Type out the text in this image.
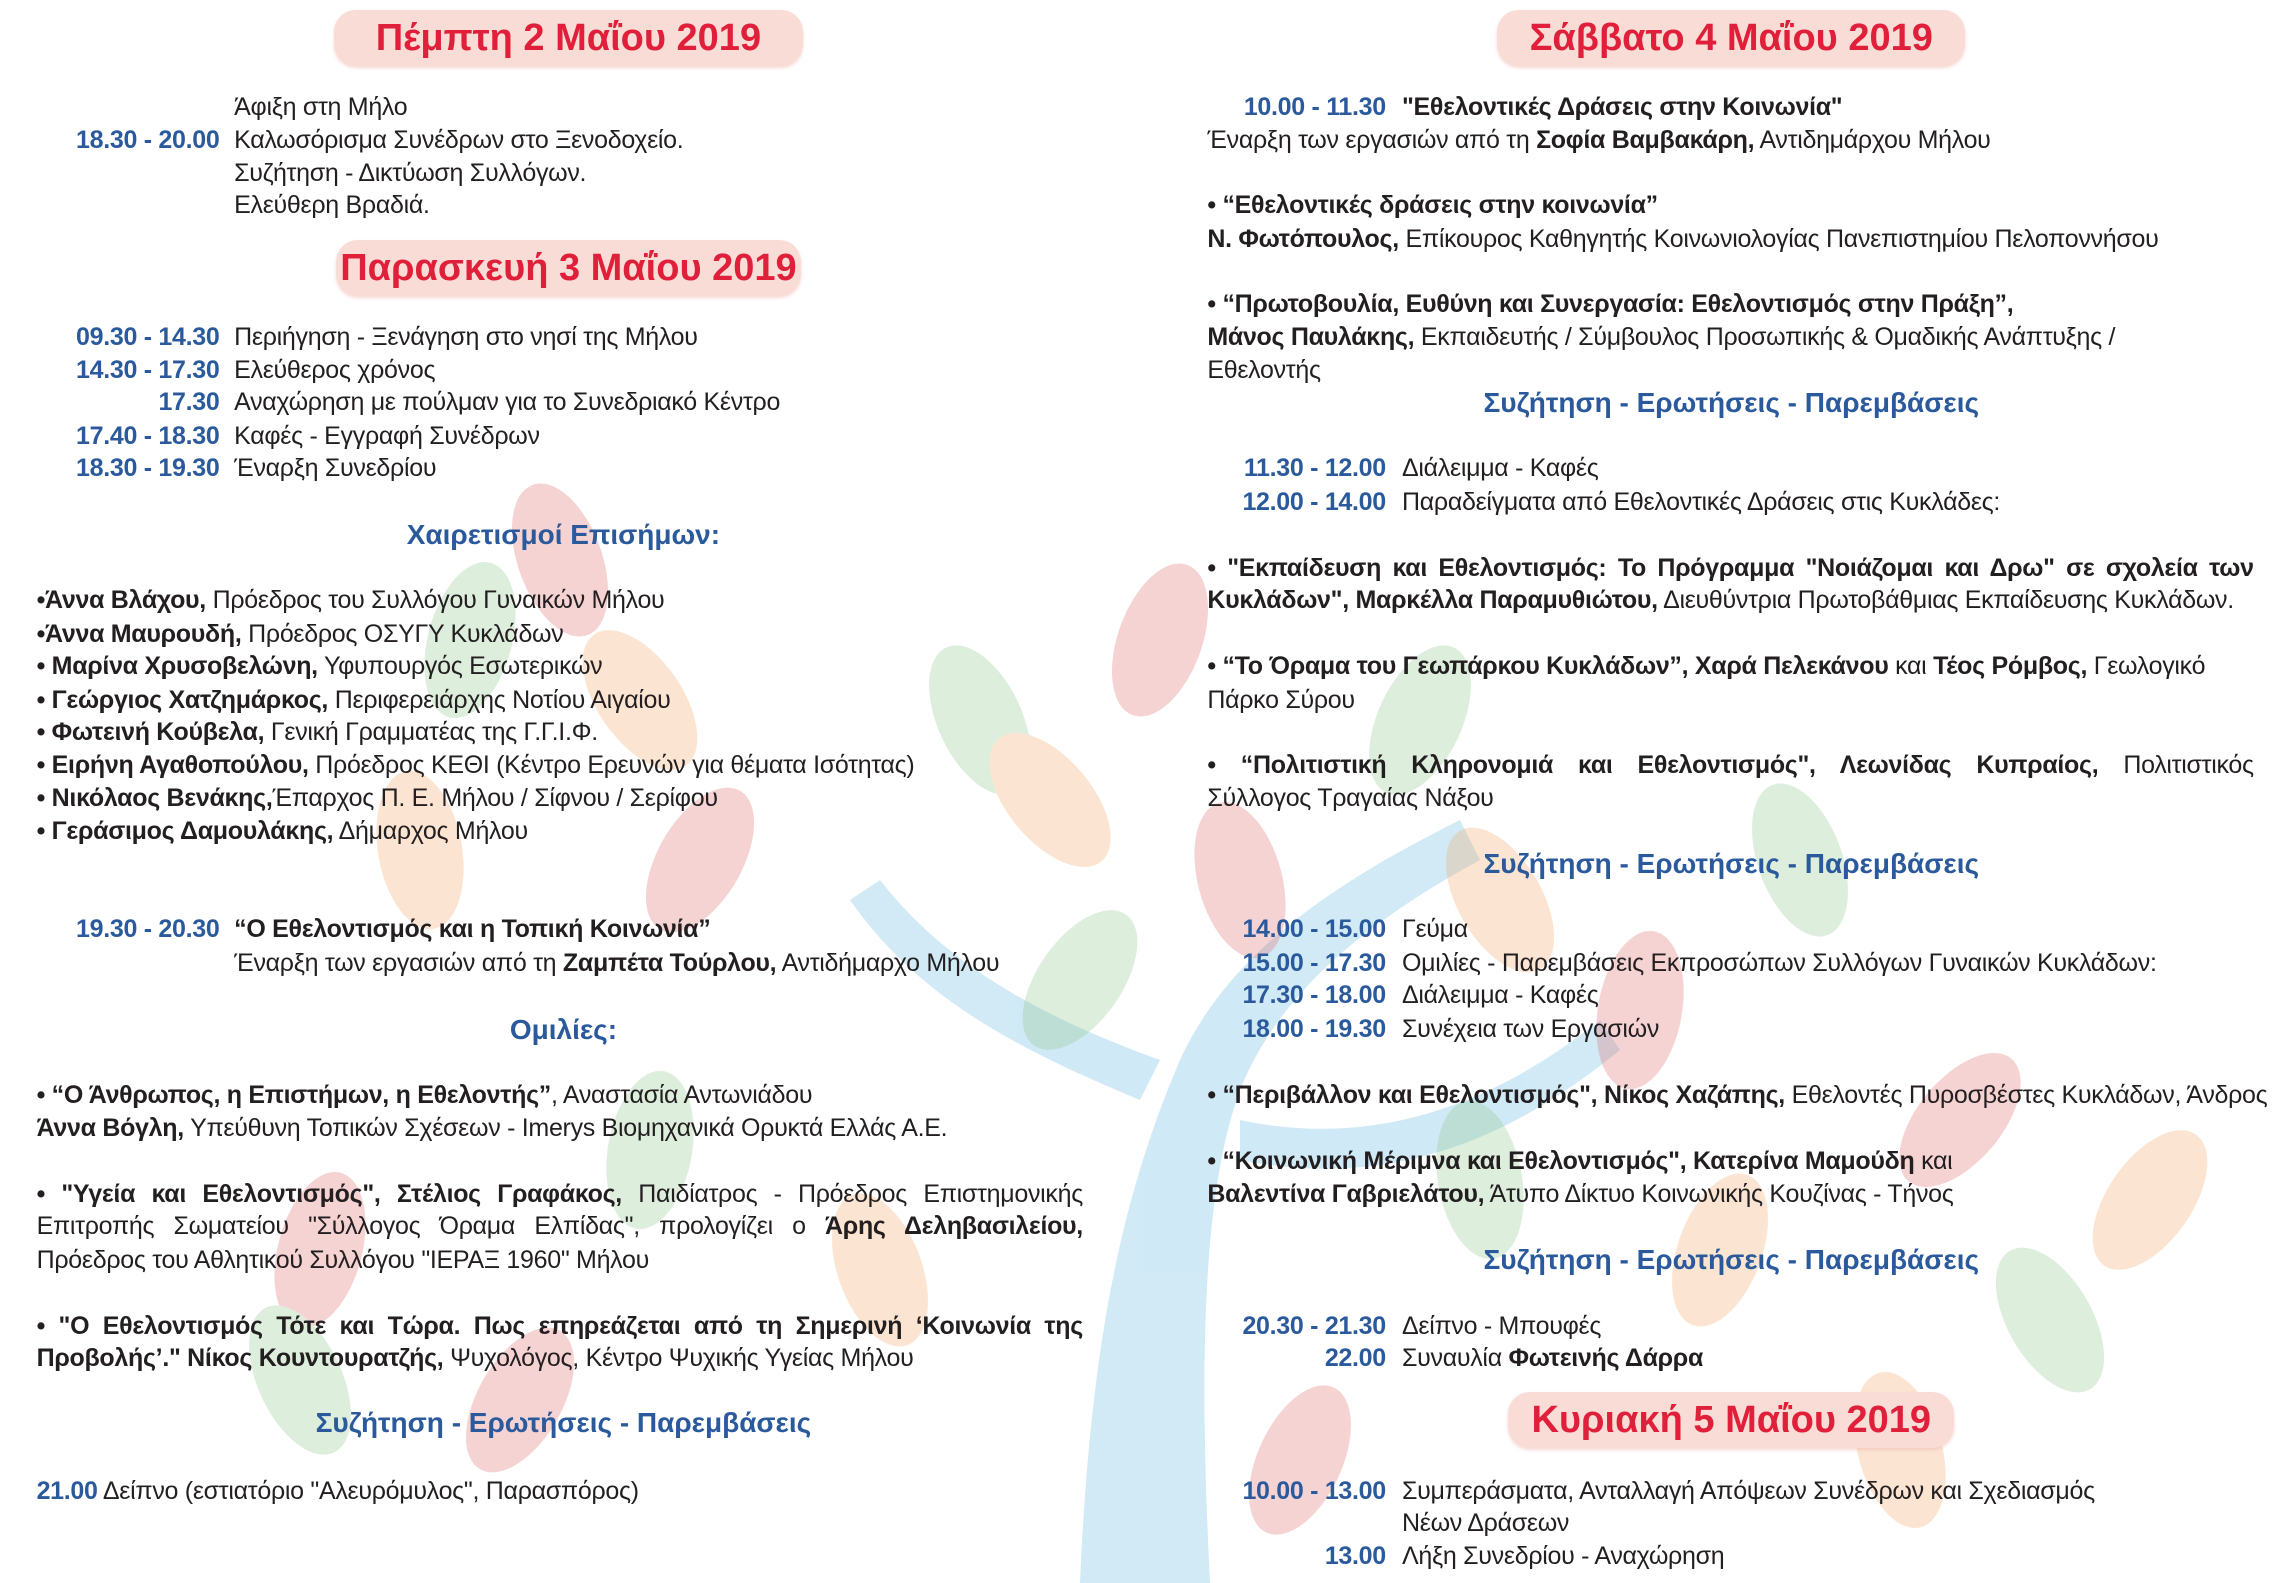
Πέμπτη 2 Μαΐου 2019
Άφιξη στη Μήλο
18.30 - 20.00 Καλωσόρισμα Συνέδρων στο Ξενοδοχείο.
Συζήτηση - Δικτύωση Συλλόγων.
Ελεύθερη Βραδιά.
Παρασκευή 3 Μαΐου 2019
09.30 - 14.30 Περιήγηση - Ξενάγηση στο νησί της Μήλου
14.30 - 17.30 Ελεύθερος χρόνος
17.30 Αναχώρηση με πούλμαν για το Συνεδριακό Κέντρο
17.40 - 18.30 Καφές - Εγγραφή Συνέδρων
18.30 - 19.30 Έναρξη Συνεδρίου
Χαιρετισμοί Επισήμων:
•Άννα Βλάχου, Πρόεδρος του Συλλόγου Γυναικών Μήλου
•Άννα Μαυρουδή, Πρόεδρος ΟΣΥΓΥ Κυκλάδων
• Μαρίνα Χρυσοβελώνη, Υφυπουργός Εσωτερικών
• Γεώργιος Χατζημάρκος, Περιφερειάρχης Νοτίου Αιγαίου
• Φωτεινή Κούβελα, Γενική Γραμματέας της Γ.Γ.Ι.Φ.
• Ειρήνη Αγαθοπούλου, Πρόεδρος ΚΕΘΙ (Κέντρο Ερευνών για θέματα Ισότητας)
• Νικόλαος Βενάκης,Έπαρχος Π. Ε. Μήλου / Σίφνου / Σερίφου
• Γεράσιμος Δαμουλάκης, Δήμαρχος Μήλου
19.30 - 20.30 “Ο Εθελοντισμός και η Τοπική Κοινωνία”
Έναρξη των εργασιών από τη Ζαμπέτα Τούρλου, Αντιδήμαρχο Μήλου
Ομιλίες:
• “Ο Άνθρωπος, η Επιστήμων, η Εθελοντής”, Αναστασία Αντωνιάδου
Άννα Βόγλη, Υπεύθυνη Τοπικών Σχέσεων - Imerys Βιομηχανικά Ορυκτά Ελλάς Α.Ε.
• "Υγεία και Εθελοντισμός", Στέλιος Γραφάκος, Παιδίατρος - Πρόεδρος Επιστημονικής
Επιτροπής Σωματείου "Σύλλογος Όραμα Ελπίδας", προλογίζει ο Άρης Δεληβασιλείου,
Πρόεδρος του Αθλητικού Συλλόγου "ΙΕΡΑΞ 1960" Μήλου
• "Ο Εθελοντισμός Τότε και Τώρα. Πως επηρεάζεται από τη Σημερινή ‘Κοινωνία της
Προβολής’." Νίκος Κουντουρατζής, Ψυχολόγος, Κέντρο Ψυχικής Υγείας Μήλου
Συζήτηση - Ερωτήσεις - Παρεμβάσεις
21.00 Δείπνο (εστιατόριο "Αλευρόμυλος", Παρασπόρος)
Σάββατο 4 Μαΐου 2019
10.00 - 11.30 "Εθελοντικές Δράσεις στην Κοινωνία"
Έναρξη των εργασιών από τη Σοφία Βαμβακάρη, Αντιδημάρχου Μήλου
• “Εθελοντικές δράσεις στην κοινωνία”
Ν. Φωτόπουλος, Επίκουρος Καθηγητής Κοινωνιολογίας Πανεπιστημίου Πελοποννήσου
• “Πρωτοβουλία, Ευθύνη και Συνεργασία: Εθελοντισμός στην Πράξη”,
Μάνος Παυλάκης, Εκπαιδευτής / Σύμβουλος Προσωπικής & Ομαδικής Ανάπτυξης /
Εθελοντής
Συζήτηση - Ερωτήσεις - Παρεμβάσεις
11.30 - 12.00 Διάλειμμα - Καφές
12.00 - 14.00 Παραδείγματα από Εθελοντικές Δράσεις στις Κυκλάδες:
• "Εκπαίδευση και Εθελοντισμός: Το Πρόγραμμα "Νοιάζομαι και Δρω" σε σχολεία των
Κυκλάδων", Μαρκέλλα Παραμυθιώτου, Διευθύντρια Πρωτοβάθμιας Εκπαίδευσης Κυκλάδων.
• “Το Όραμα του Γεωπάρκου Κυκλάδων”, Χαρά Πελεκάνου και Τέος Ρόμβος, Γεωλογικό
Πάρκο Σύρου
• “Πολιτιστική Κληρονομιά και Εθελοντισμός", Λεωνίδας Κυπραίος, Πολιτιστικός
Σύλλογος Τραγαίας Νάξου
Συζήτηση - Ερωτήσεις - Παρεμβάσεις
14.00 - 15.00 Γεύμα
15.00 - 17.30 Ομιλίες - Παρεμβάσεις Εκπροσώπων Συλλόγων Γυναικών Κυκλάδων:
17.30 - 18.00 Διάλειμμα - Καφές
18.00 - 19.30 Συνέχεια των Εργασιών
• “Περιβάλλον και Εθελοντισμός", Νίκος Χαζάπης, Εθελοντές Πυροσβέστες Κυκλάδων, Άνδρος
• “Κοινωνική Μέριμνα και Εθελοντισμός", Κατερίνα Μαμούδη και
Βαλεντίνα Γαβριελάτου, Άτυπο Δίκτυο Κοινωνικής Κουζίνας - Τήνος
Συζήτηση - Ερωτήσεις - Παρεμβάσεις
20.30 - 21.30 Δείπνο - Μπουφές
22.00 Συναυλία Φωτεινής Δάρρα
Κυριακή 5 Μαΐου 2019
10.00 - 13.00 Συμπεράσματα, Ανταλλαγή Απόψεων Συνέδρων και Σχεδιασμός
Νέων Δράσεων
13.00 Λήξη Συνεδρίου - Αναχώρηση
